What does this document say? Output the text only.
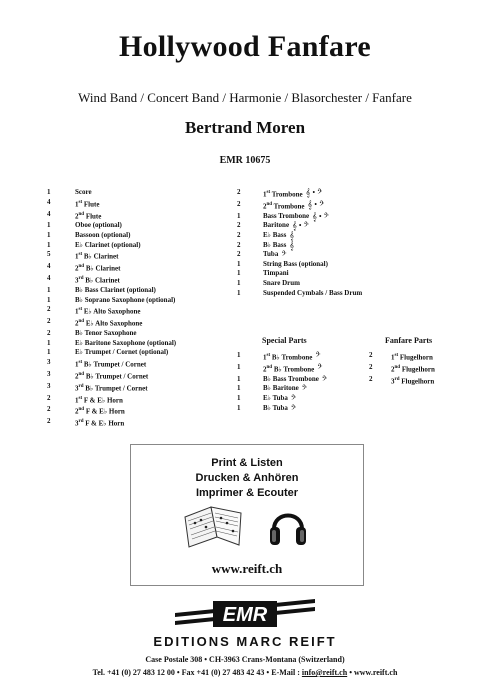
Hollywood Fanfare
Wind Band / Concert Band / Harmonie / Blasorchester / Fanfare
Bertrand Moren
EMR 10675
1	Score
4	1st Flute
4	2nd Flute
1	Oboe (optional)
1	Bassoon (optional)
1	E♭ Clarinet (optional)
5	1st B♭ Clarinet
4	2nd B♭ Clarinet
4	3rd B♭ Clarinet
1	B♭ Bass Clarinet (optional)
1	B♭ Soprano Saxophone (optional)
2	1st E♭ Alto Saxophone
2	2nd E♭ Alto Saxophone
2	B♭ Tenor Saxophone
1	E♭ Baritone Saxophone (optional)
1	E♭ Trumpet / Cornet (optional)
3	1st B♭ Trumpet / Cornet
3	2nd B♭ Trumpet / Cornet
3	3rd B♭ Trumpet / Cornet
2	1st F & E♭ Horn
2	2nd F & E♭ Horn
2	3rd F & E♭ Horn
2	1st Trombone 𝄞 • 𝄢
2	2nd Trombone 𝄞 • 𝄢
1	Bass Trombone 𝄞 • 𝄢
2	Baritone 𝄞 • 𝄢
2	E♭ Bass 𝄞
2	B♭ Bass 𝄞
2	Tuba 𝄢
1	String Bass (optional)
1	Timpani
1	Snare Drum
1	Suspended Cymbals / Bass Drum
Special Parts	Fanfare Parts
1	1st B♭ Trombone 𝄢
1	2nd B♭ Trombone 𝄢
1	B♭ Bass Trombone 𝄢
1	B♭ Baritone 𝄢
1	E♭ Tuba 𝄢
1	B♭ Tuba 𝄢
2	1st Flugelhorn
2	2nd Flugelhorn
2	3rd Flugelhorn
Print & Listen
Drucken & Anhören
Imprimer & Ecouter
www.reift.ch
EMR
EDITIONS MARC REIFT
Case Postale 308 • CH-3963 Crans-Montana (Switzerland)
Tel. +41 (0) 27 483 12 00 • Fax +41 (0) 27 483 42 43 • E-Mail : info@reift.ch • www.reift.ch
